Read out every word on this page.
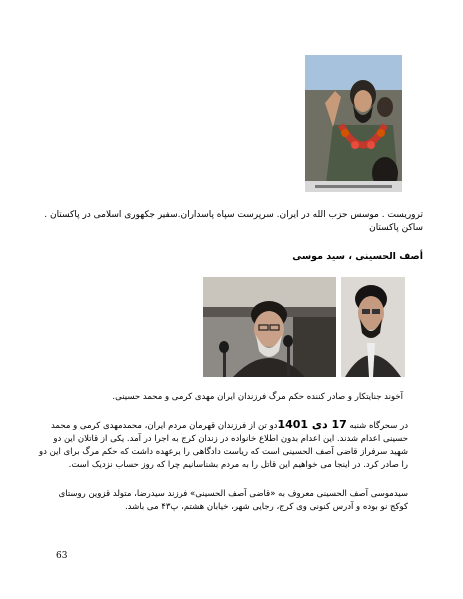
تروریست . موسس حزب الله در ایران. سرپرست سپاه پاسداران.سفیر جکهوری اسلامی در پاکستان . ساکن پاکستان
أصف الحسینی ، سید موسی
آخوند جنایتکار و صادر کننده حکم مرگ فرزندان ایران مهدی کرمی و محمد حسینی.
در سحرگاه شنبه 17 دی 1401دو تن از فرزندان قهرمان مردم ایران، محمدمهدی کرمی و محمد حسینی اعدام شدند. این اعدام بدون اطلاع خانواده در زندان کرج به اجرا در آمد. یکی از قاتلان این دو شهید سرفراز قاضی آصف الحسینی است که ریاست دادگاهی را برعهده داشت که حکم مرگ برای این دو را صادر کرد. در اینجا می خواهیم این قاتل را به مردم بشناسانیم چرا که روز حساب نزدیک است.
سیدموسی آصف الحسینی معروف به «قاضی آصف الحسینی» فرزند سیدرضا، متولد قزوین روستای کوکج نو بوده و آدرس کنونی وی کرج، رجایی شهر، خیابان هشتم، پ۴۳ می باشد.
63
